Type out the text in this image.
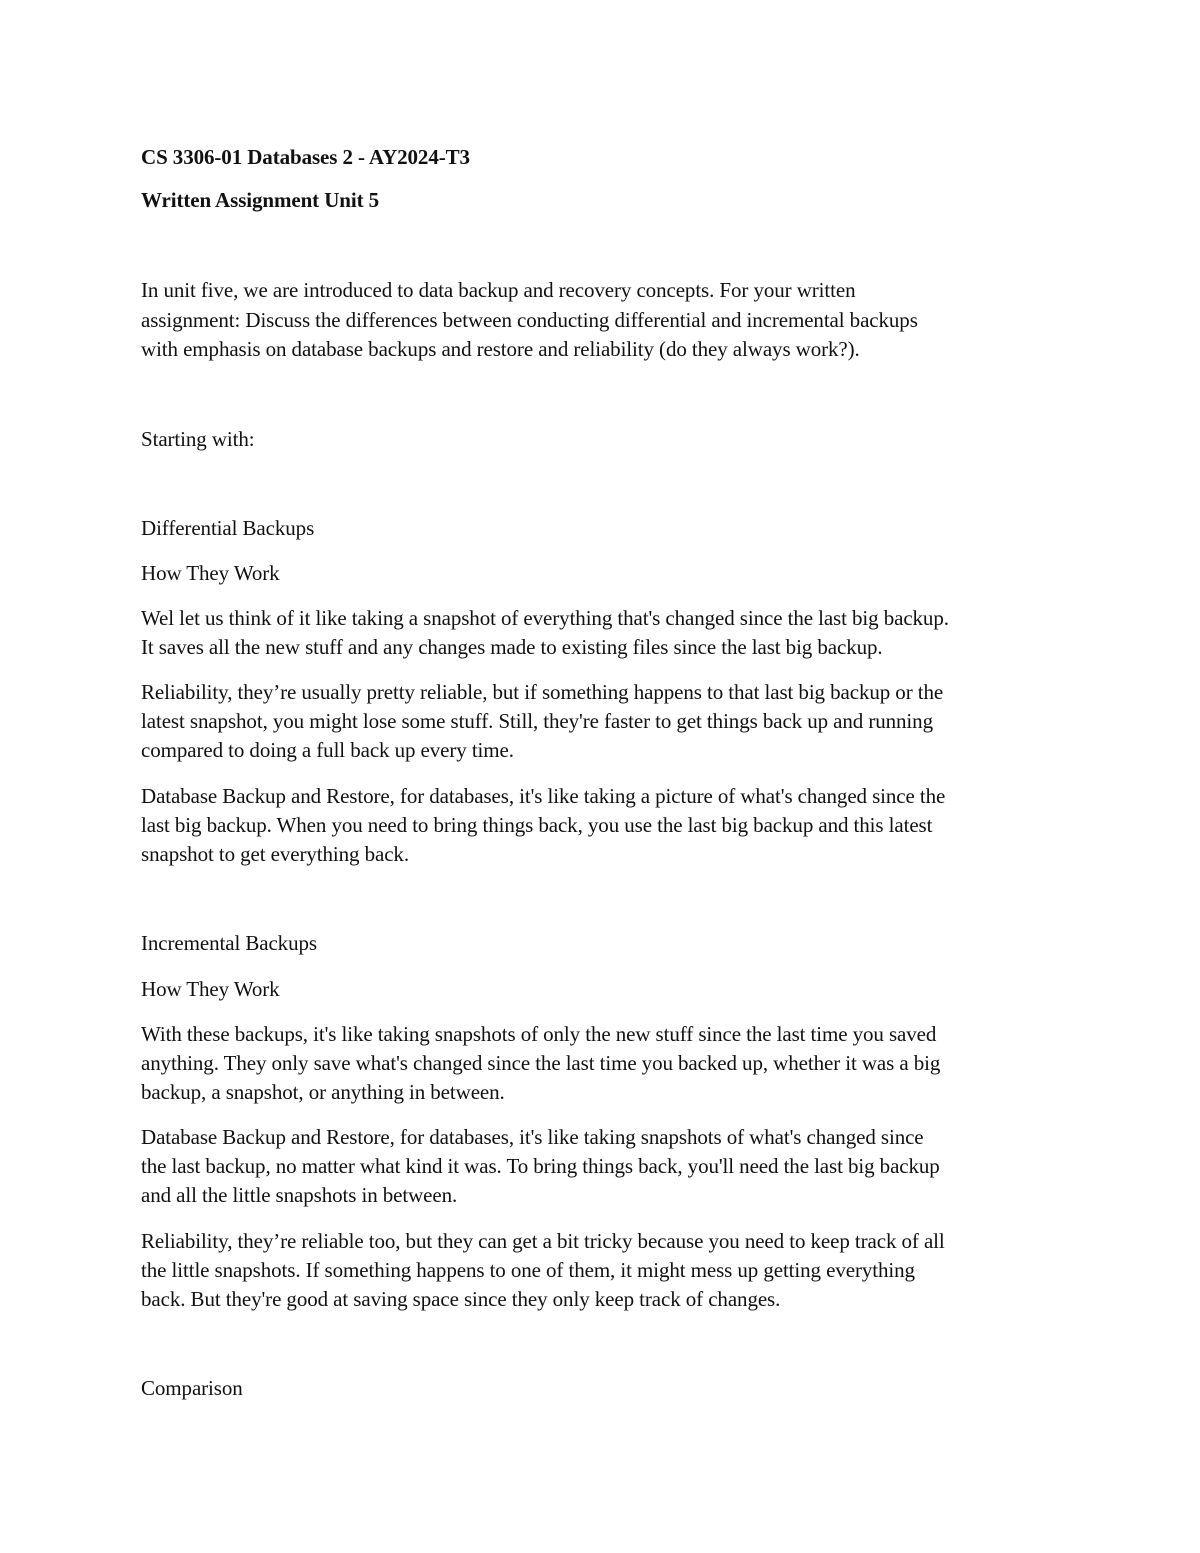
CS 3306-01 Databases 2 - AY2024-T3
Written Assignment Unit 5
In unit five, we are introduced to data backup and recovery concepts. For your written
assignment: Discuss the differences between conducting differential and incremental backups
with emphasis on database backups and restore and reliability (do they always work?).
Starting with:
Differential Backups
How They Work
Wel let us think of it like taking a snapshot of everything that's changed since the last big backup.
It saves all the new stuff and any changes made to existing files since the last big backup.
Reliability, they’re usually pretty reliable, but if something happens to that last big backup or the
latest snapshot, you might lose some stuff. Still, they're faster to get things back up and running
compared to doing a full back up every time.
Database Backup and Restore, for databases, it's like taking a picture of what's changed since the
last big backup. When you need to bring things back, you use the last big backup and this latest
snapshot to get everything back.
Incremental Backups
How They Work
With these backups, it's like taking snapshots of only the new stuff since the last time you saved
anything. They only save what's changed since the last time you backed up, whether it was a big
backup, a snapshot, or anything in between.
Database Backup and Restore, for databases, it's like taking snapshots of what's changed since
the last backup, no matter what kind it was. To bring things back, you'll need the last big backup
and all the little snapshots in between.
Reliability, they’re reliable too, but they can get a bit tricky because you need to keep track of all
the little snapshots. If something happens to one of them, it might mess up getting everything
back. But they're good at saving space since they only keep track of changes.
Comparison
